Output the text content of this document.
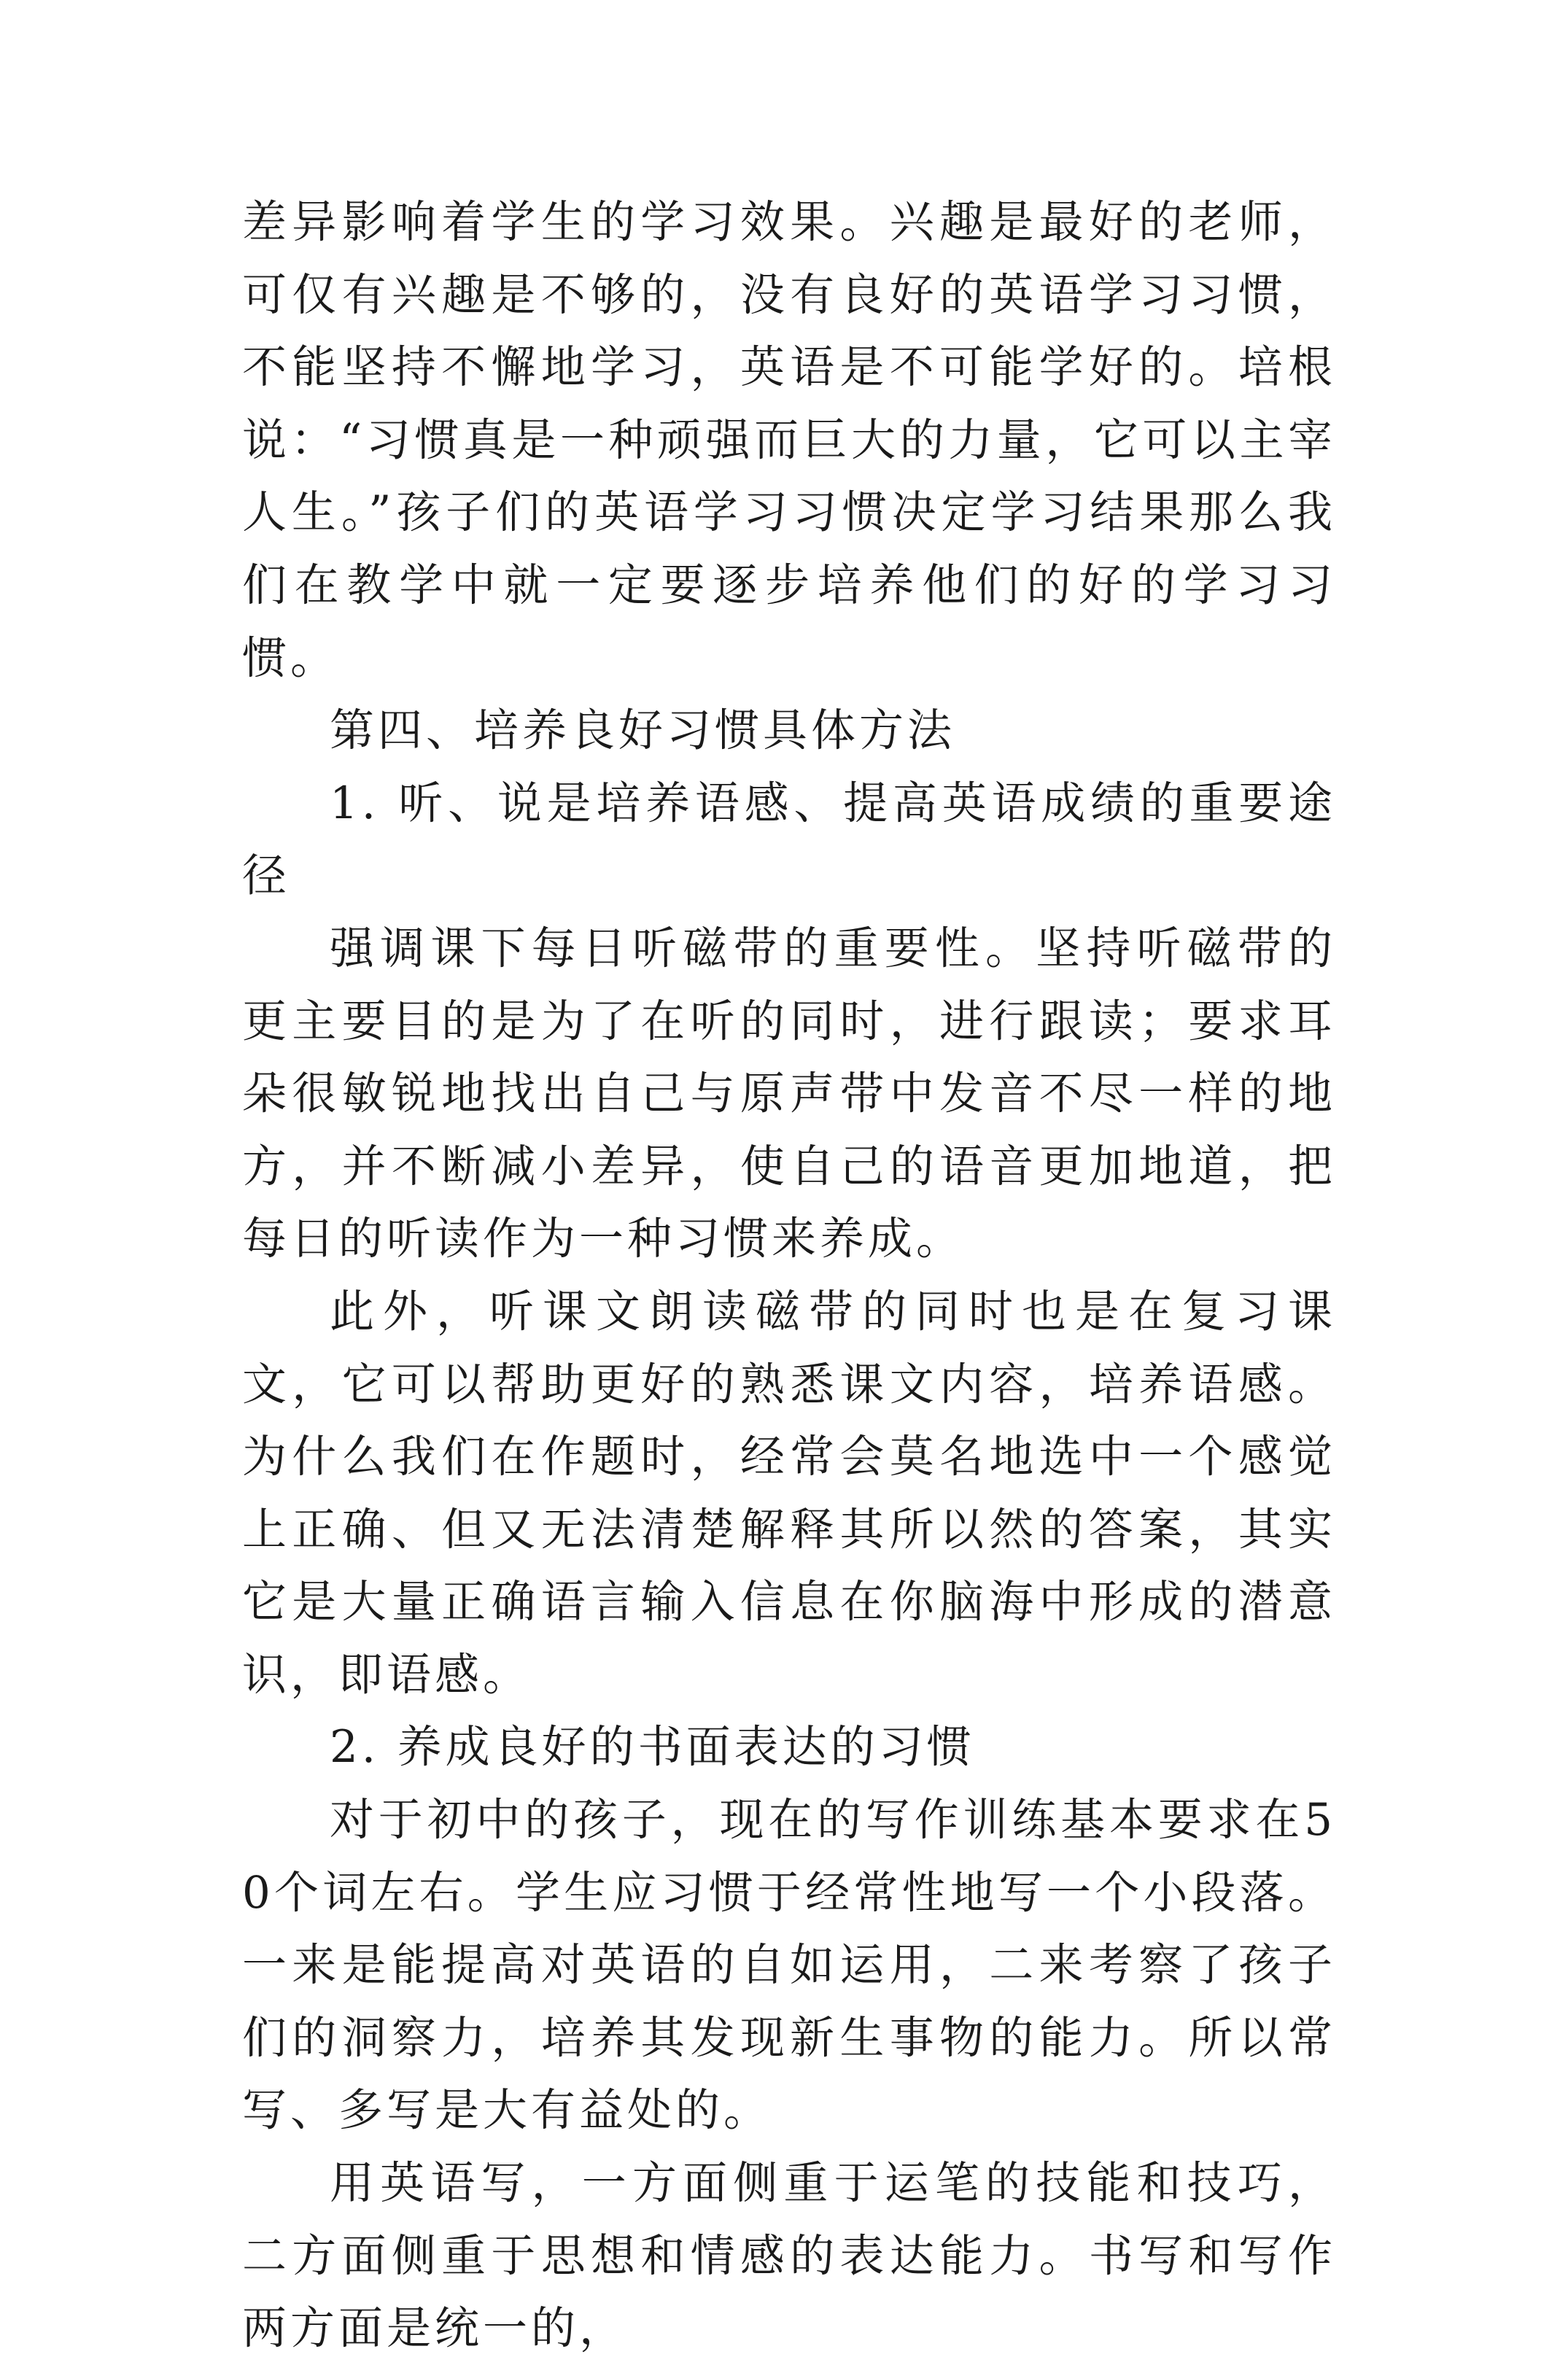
差异影响着学生的学习效果。兴趣是最好的老师，可仅有兴趣是不够的，没有良好的英语学习习惯，不能坚持不懈地学习，英语是不可能学好的。培根说：“习惯真是一种顽强而巨大的力量，它可以主宰人生。”孩子们的英语学习习惯决定学习结果那么我们在教学中就一定要逐步培养他们的好的学习习惯。

第四、培养良好习惯具体方法

1. 听、说是培养语感、提高英语成绩的重要途径

强调课下每日听磁带的重要性。坚持听磁带的更主要目的是为了在听的同时，进行跟读；要求耳朵很敏锐地找出自己与原声带中发音不尽一样的地方，并不断减小差异，使自己的语音更加地道，把每日的听读作为一种习惯来养成。

此外，听课文朗读磁带的同时也是在复习课文，它可以帮助更好的熟悉课文内容，培养语感。为什么我们在作题时，经常会莫名地选中一个感觉上正确、但又无法清楚解释其所以然的答案，其实它是大量正确语言输入信息在你脑海中形成的潜意识，即语感。

2. 养成良好的书面表达的习惯

对于初中的孩子，现在的写作训练基本要求在50个词左右。学生应习惯于经常性地写一个小段落。一来是能提高对英语的自如运用，二来考察了孩子们的洞察力，培养其发现新生事物的能力。所以常写、多写是大有益处的。

用英语写，一方面侧重于运笔的技能和技巧，二方面侧重于思想和情感的表达能力。书写和写作两方面是统一的，
